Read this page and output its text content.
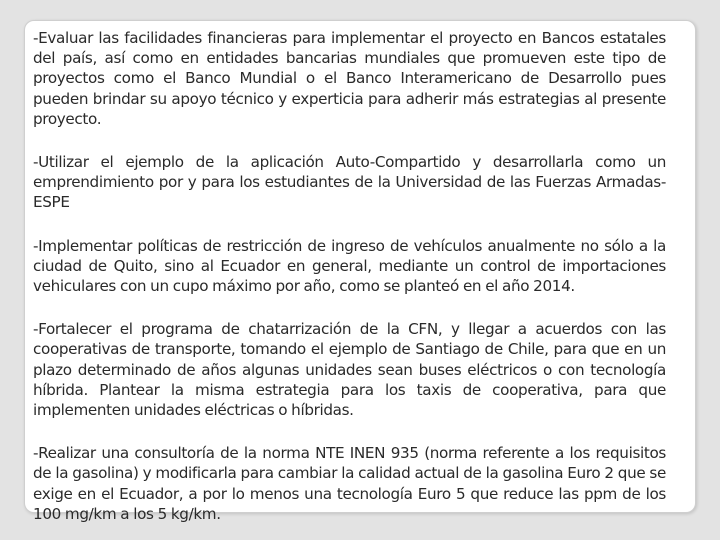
-Evaluar las facilidades financieras para implementar el proyecto en Bancos estatales del país, así como en entidades bancarias mundiales que promueven este tipo de proyectos como el Banco Mundial o el Banco Interamericano de Desarrollo pues pueden brindar su apoyo técnico y experticia para adherir más estrategias al presente proyecto.

-Utilizar el ejemplo de la aplicación Auto-Compartido y desarrollarla como un emprendimiento por y para los estudiantes de la Universidad de las Fuerzas Armadas-ESPE

-Implementar políticas de restricción de ingreso de vehículos anualmente no sólo a la ciudad de Quito, sino al Ecuador en general, mediante un control de importaciones vehiculares con un cupo máximo por año, como se planteó en el año 2014.

-Fortalecer el programa de chatarrización de la CFN, y llegar a acuerdos con las cooperativas de transporte, tomando el ejemplo de Santiago de Chile, para que en un plazo determinado de años algunas unidades sean buses eléctricos o con tecnología híbrida. Plantear la misma estrategia para los taxis de cooperativa, para que implementen unidades eléctricas o híbridas.

-Realizar una consultoría de la norma NTE INEN 935 (norma referente a los requisitos de la gasolina) y modificarla para cambiar la calidad actual de la gasolina Euro 2 que se exige en el Ecuador, a por lo menos una tecnología Euro 5 que reduce las ppm de los 100 mg/km a los 5 kg/km.
